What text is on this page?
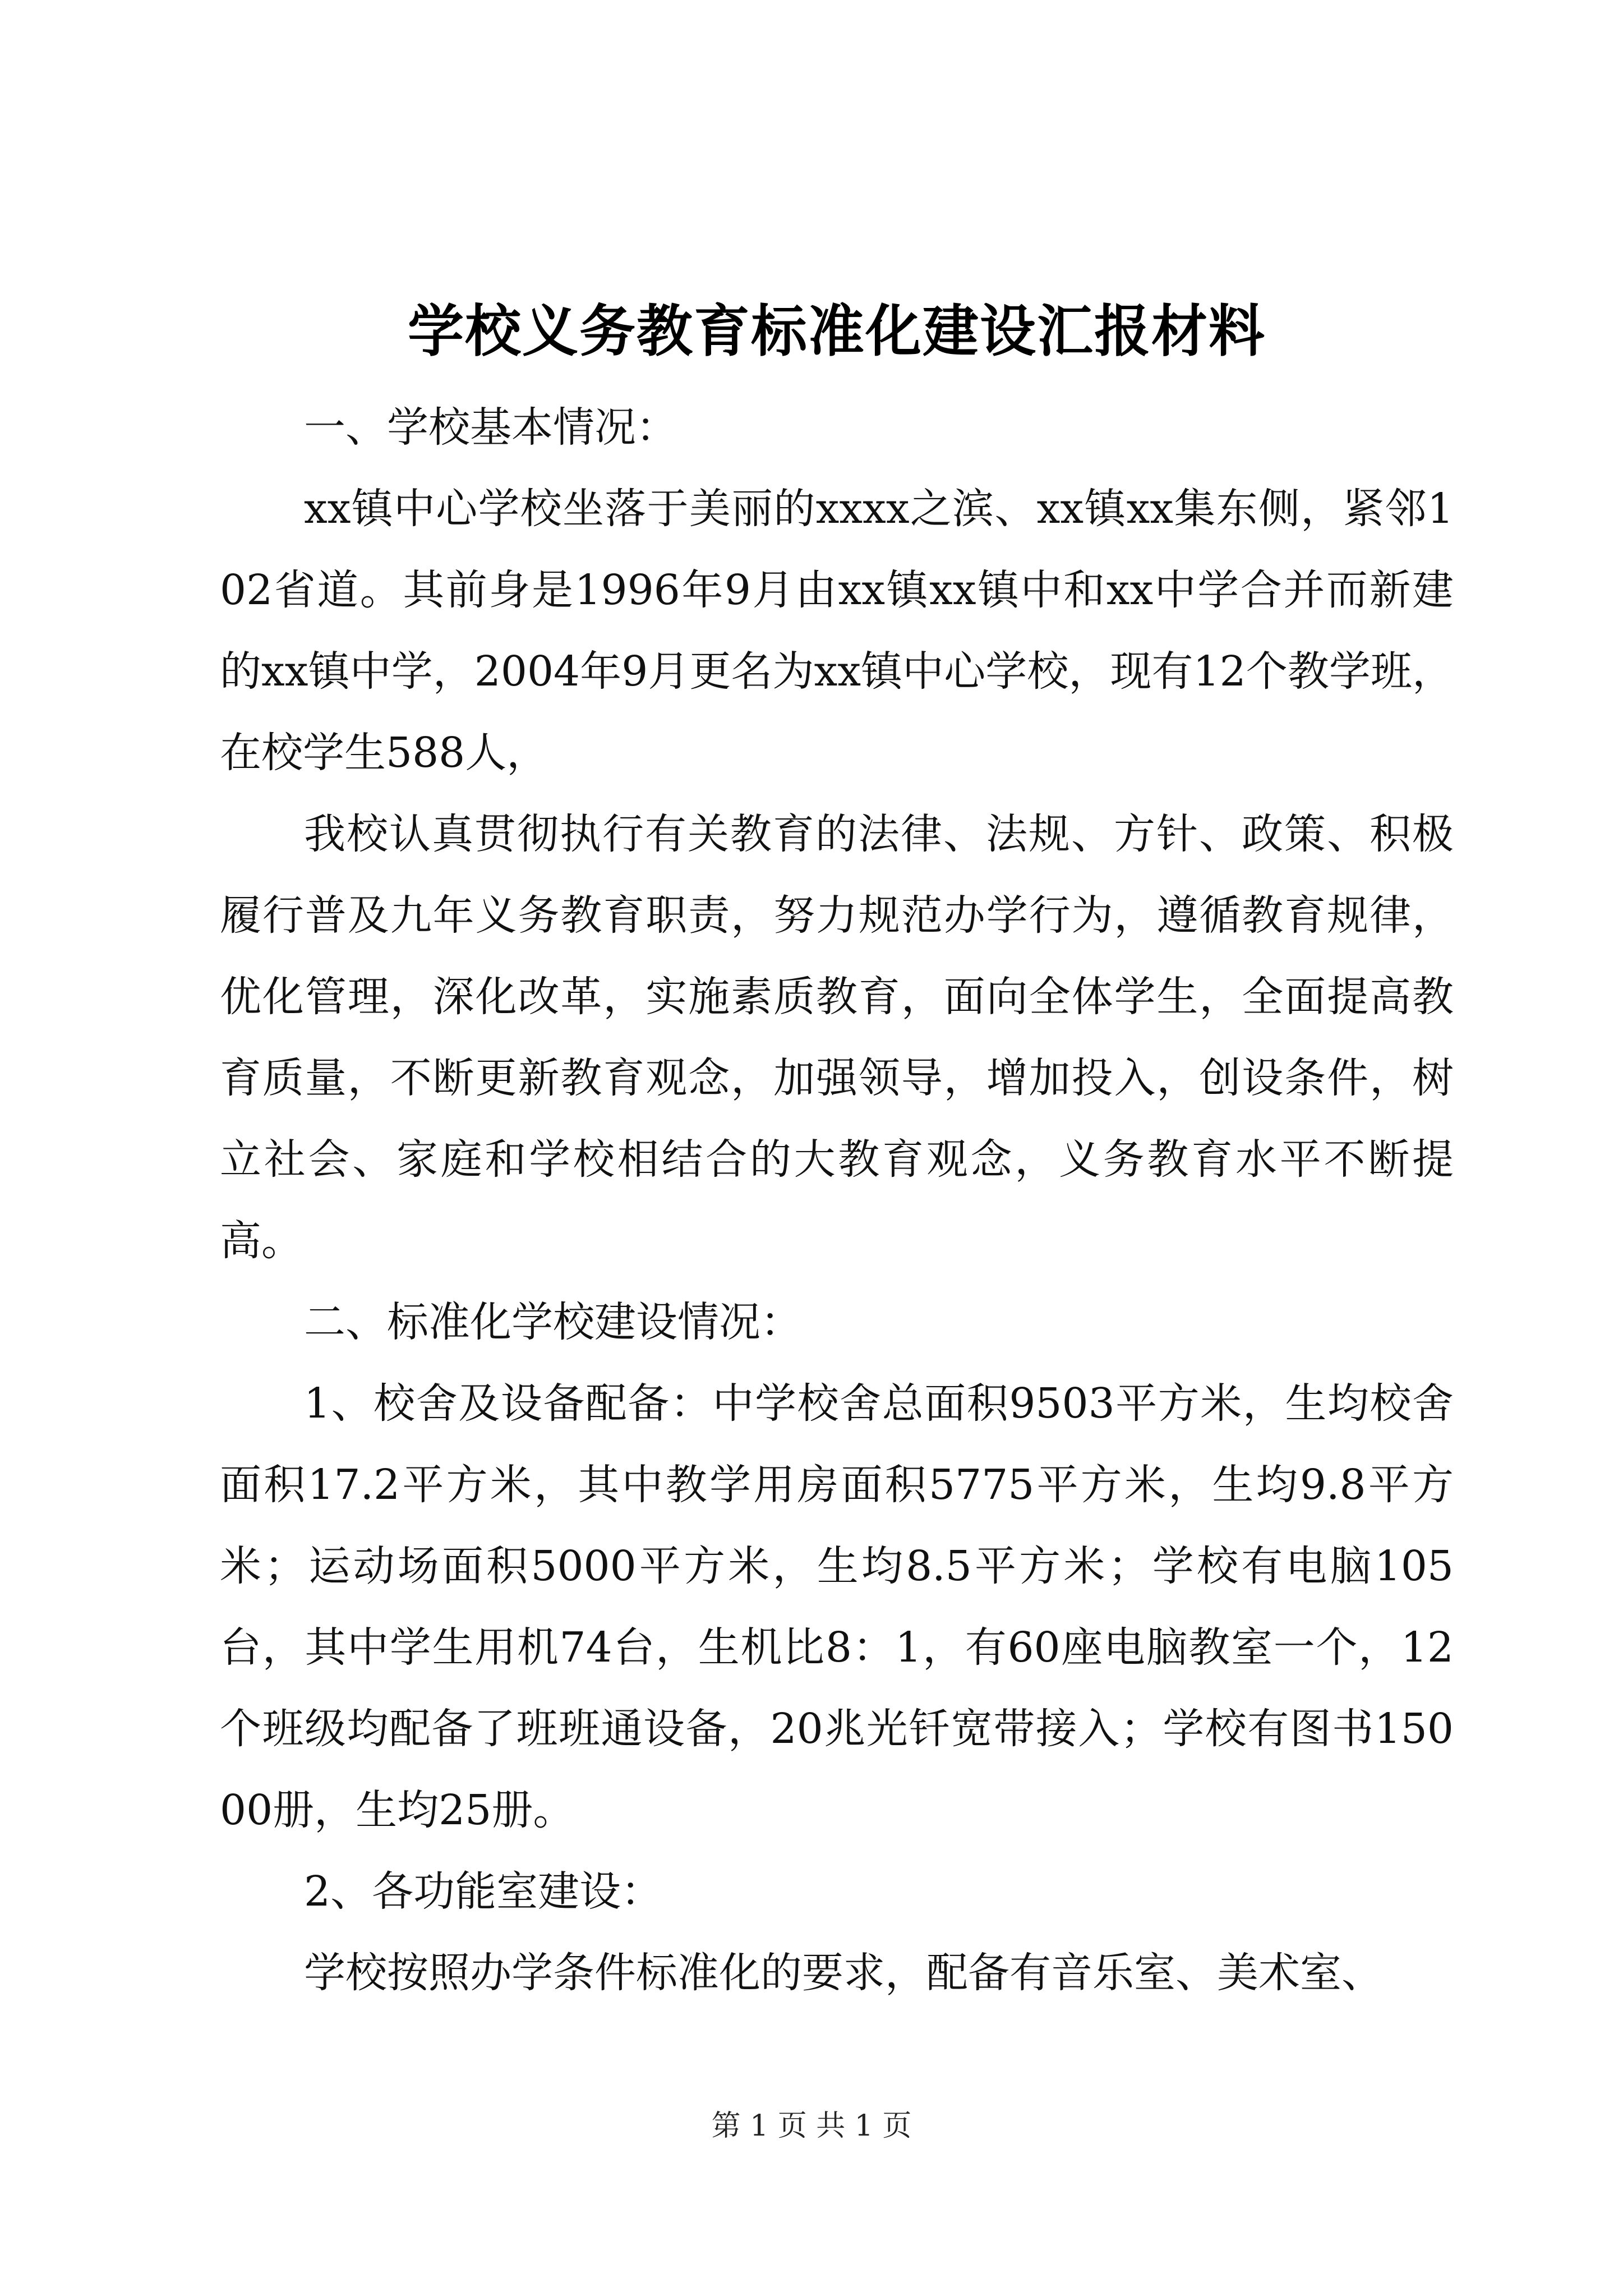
学校义务教育标准化建设汇报材料

一、学校基本情况：

xx镇中心学校坐落于美丽的xxxx之滨、xx镇xx集东侧，紧邻102省道。其前身是1996年9月由xx镇xx镇中和xx中学合并而新建的xx镇中学，2004年9月更名为xx镇中心学校，现有12个教学班，在校学生588人，

我校认真贯彻执行有关教育的法律、法规、方针、政策、积极履行普及九年义务教育职责，努力规范办学行为，遵循教育规律，优化管理，深化改革，实施素质教育，面向全体学生，全面提高教育质量，不断更新教育观念，加强领导，增加投入，创设条件，树立社会、家庭和学校相结合的大教育观念，义务教育水平不断提高。

二、标准化学校建设情况：

1、校舍及设备配备：中学校舍总面积9503平方米，生均校舍面积17.2平方米，其中教学用房面积5775平方米，生均9.8平方米；运动场面积5000平方米，生均8.5平方米；学校有电脑105台，其中学生用机74台，生机比8：1，有60座电脑教室一个，12个班级均配备了班班通设备，20兆光钎宽带接入；学校有图书15000册，生均25册。

2、各功能室建设：

学校按照办学条件标准化的要求，配备有音乐室、美术室、

第 1 页 共 1 页
